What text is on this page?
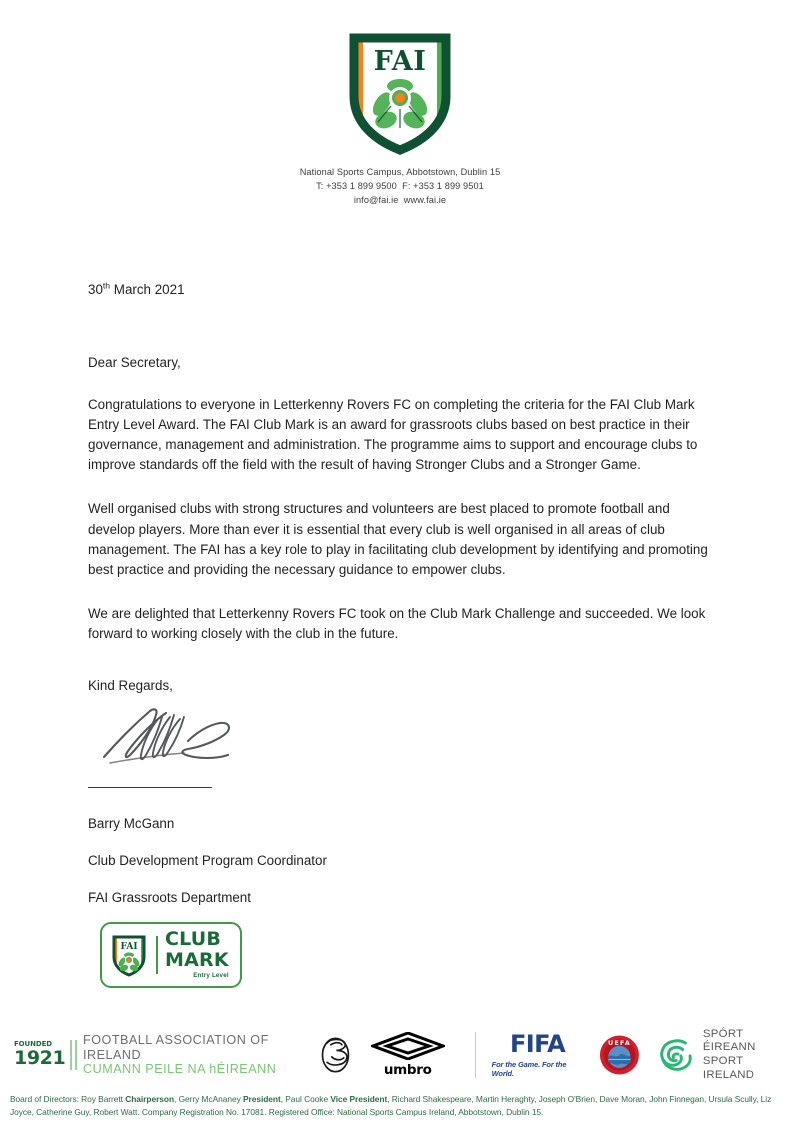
FAI
National Sports Campus, Abbotstown, Dublin 15
T: +353 1 899 9500  F: +353 1 899 9501
info@fai.ie  www.fai.ie
30th March 2021
Dear Secretary,

Congratulations to everyone in Letterkenny Rovers FC on completing the criteria for the FAI Club Mark Entry Level Award. The FAI Club Mark is an award for grassroots clubs based on best practice in their governance, management and administration. The programme aims to support and encourage clubs to improve standards off the field with the result of having Stronger Clubs and a Stronger Game.

Well organised clubs with strong structures and volunteers are best placed to promote football and develop players. More than ever it is essential that every club is well organised in all areas of club management. The FAI has a key role to play in facilitating club development by identifying and promoting best practice and providing the necessary guidance to empower clubs.

We are delighted that Letterkenny Rovers FC took on the Club Mark Challenge and succeeded. We look forward to working closely with the club in the future.

Kind Regards,
Barry McGann
Club Development Program Coordinator
FAI Grassroots Department
FAI CLUB
MARK
Entry Level
FOUNDED
1921
FOOTBALL ASSOCIATION OF IRELAND
CUMANN PEILE NA hÉIREANN	umbro
FIFA
For the Game. For the World.
UEFA
SPÓRT ÉIREANN
SPORT IRELAND
Board of Directors: Roy Barrett Chairperson, Gerry McAnaney President, Paul Cooke Vice President, Richard Shakespeare, Martin Heraghty, Joseph O'Brien, Dave Moran, John Finnegan, Ursula Scully, Liz Joyce, Catherine Guy, Robert Watt. Company Registration No. 17081. Registered Office: National Sports Campus Ireland, Abbotstown, Dublin 15.
